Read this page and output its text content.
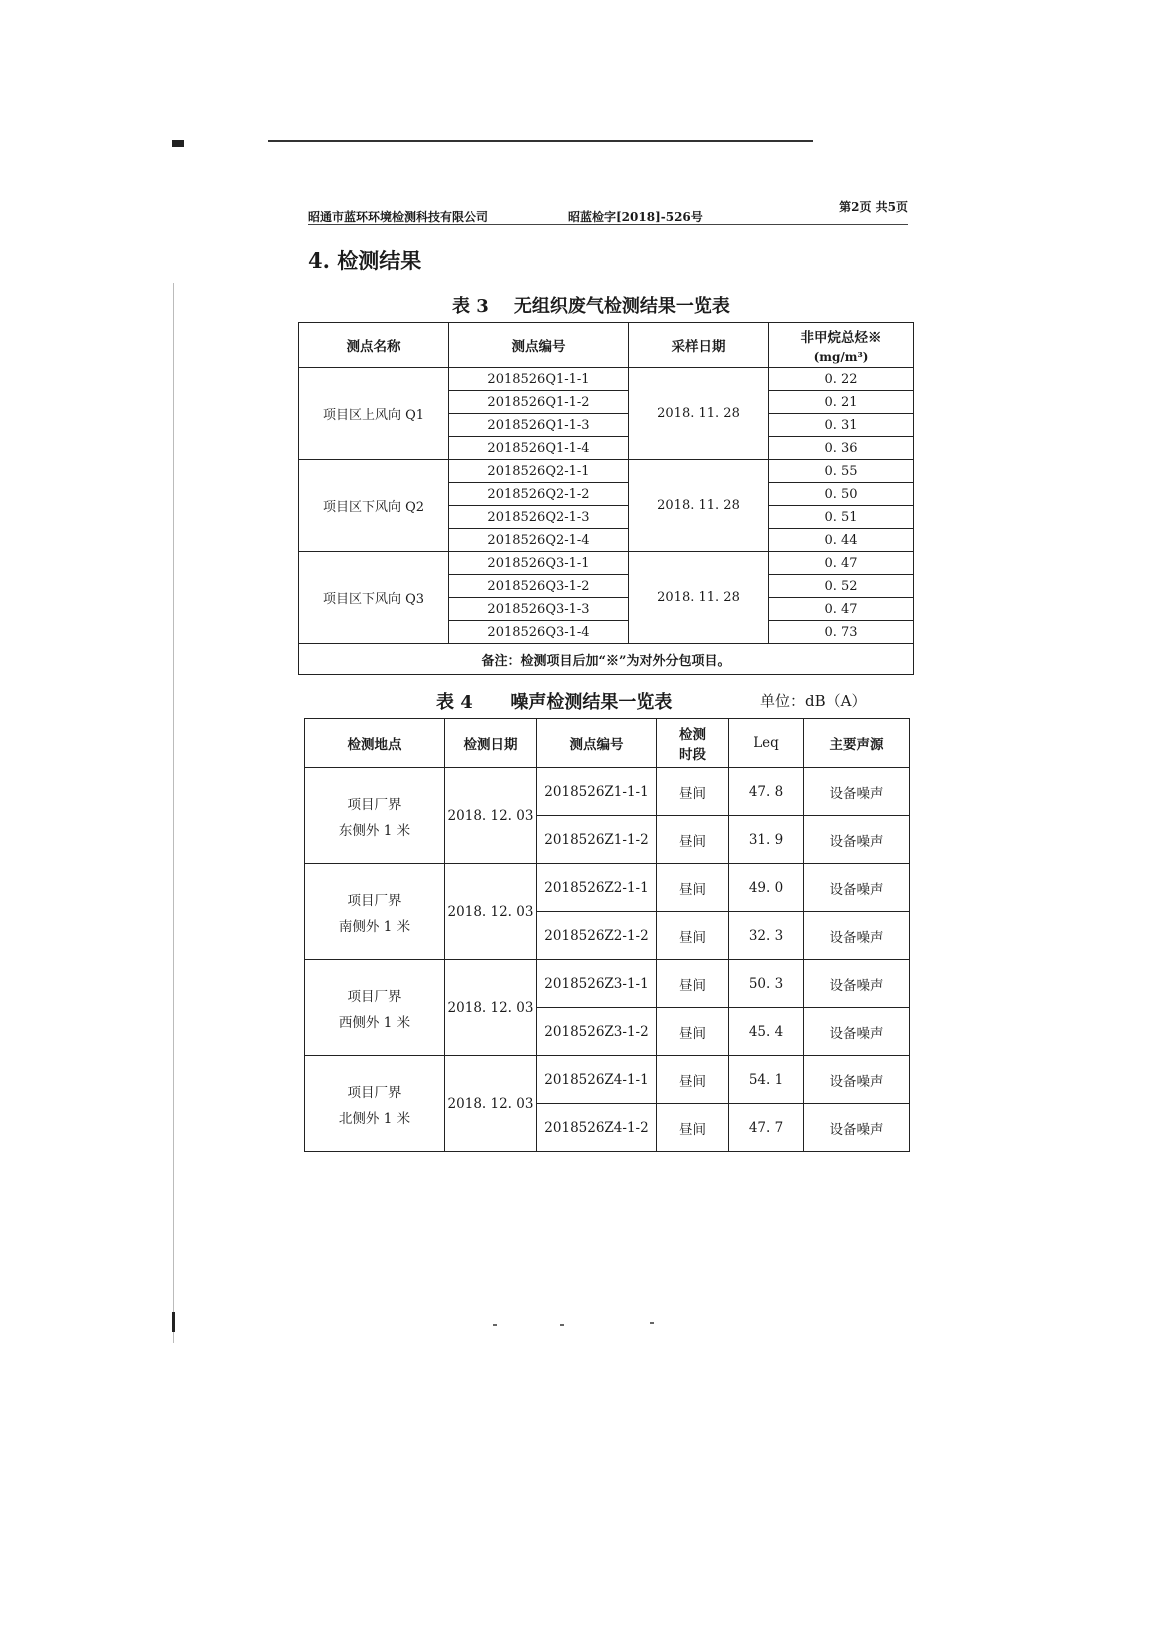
昭通市蓝环环境检测科技有限公司	昭蓝检字[2018]-526号
第2页 共5页
4. 检测结果
表 3    无组织废气检测结果一览表
测点名称	测点编号	采样日期	非甲烷总烃※
(mg/m³)

项目区上风向 Q1	2018526Q1-1-1	2018. 11. 28	0. 22
	2018526Q1-1-2		0. 21
	2018526Q1-1-3		0. 31
	2018526Q1-1-4		0. 36
项目区下风向 Q2	2018526Q2-1-1	2018. 11. 28	0. 55
	2018526Q2-1-2		0. 50
	2018526Q2-1-3		0. 51
	2018526Q2-1-4		0. 44
项目区下风向 Q3	2018526Q3-1-1	2018. 11. 28	0. 47
	2018526Q3-1-2		0. 52
	2018526Q3-1-3		0. 47
	2018526Q3-1-4		0. 73
备注：检测项目后加“※”为对外分包项目。			
表 4      噪声检测结果一览表	单位：dB（A）
检测地点	检测日期	测点编号	检测
时段	Leq	主要声源

项目厂界
东侧外 1 米	2018. 12. 03	2018526Z1-1-1	昼间	47. 8	设备噪声
		2018526Z1-1-2	昼间	31. 9	设备噪声

项目厂界
南侧外 1 米	2018. 12. 03	2018526Z2-1-1	昼间	49. 0	设备噪声
		2018526Z2-1-2	昼间	32. 3	设备噪声

项目厂界
西侧外 1 米	2018. 12. 03	2018526Z3-1-1	昼间	50. 3	设备噪声
		2018526Z3-1-2	昼间	45. 4	设备噪声

项目厂界
北侧外 1 米	2018. 12. 03	2018526Z4-1-1	昼间	54. 1	设备噪声
		2018526Z4-1-2	昼间	47. 7	设备噪声
